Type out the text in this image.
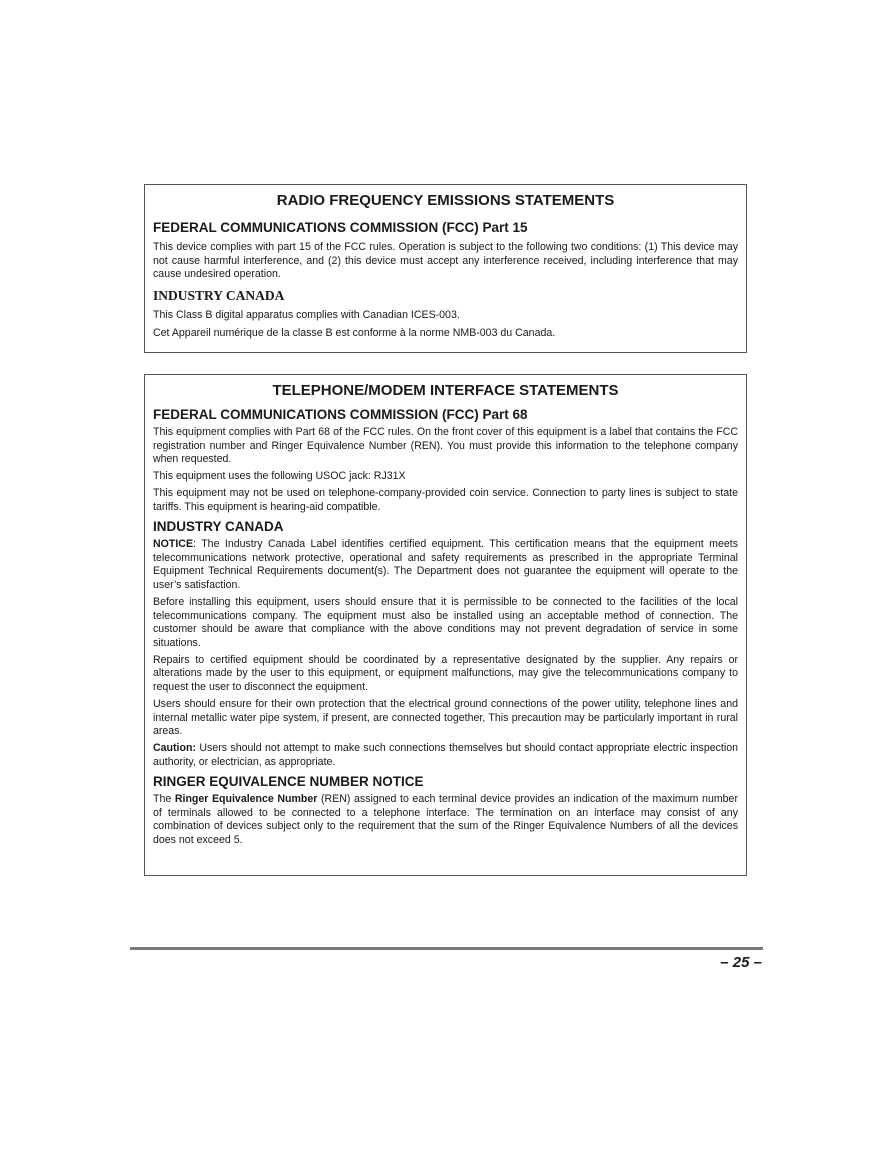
RADIO FREQUENCY EMISSIONS STATEMENTS
FEDERAL COMMUNICATIONS COMMISSION (FCC) Part 15

This device complies with part 15 of the FCC rules. Operation is subject to the following two conditions: (1) This device may not cause harmful interference, and (2) this device must accept any interference received, including interference that may cause undesired operation.

INDUSTRY CANADA

This Class B digital apparatus complies with Canadian ICES-003.

Cet Appareil numérique de la classe B est conforme à la norme NMB-003 du Canada.

TELEPHONE/MODEM INTERFACE STATEMENTS
FEDERAL COMMUNICATIONS COMMISSION (FCC) Part 68

This equipment complies with Part 68 of the FCC rules. On the front cover of this equipment is a label that contains the FCC registration number and Ringer Equivalence Number (REN). You must provide this information to the telephone company when requested.

This equipment uses the following USOC jack: RJ31X

This equipment may not be used on telephone-company-provided coin service. Connection to party lines is subject to state tariffs. This equipment is hearing-aid compatible.

INDUSTRY CANADA

NOTICE: The Industry Canada Label identifies certified equipment. This certification means that the equipment meets telecommunications network protective, operational and safety requirements as prescribed in the appropriate Terminal Equipment Technical Requirements document(s). The Department does not guarantee the equipment will operate to the user’s satisfaction.

Before installing this equipment, users should ensure that it is permissible to be connected to the facilities of the local telecommunications company. The equipment must also be installed using an acceptable method of connection. The customer should be aware that compliance with the above conditions may not prevent degradation of service in some situations.

Repairs to certified equipment should be coordinated by a representative designated by the supplier. Any repairs or alterations made by the user to this equipment, or equipment malfunctions, may give the telecommunications company to request the user to disconnect the equipment.

Users should ensure for their own protection that the electrical ground connections of the power utility, telephone lines and internal metallic water pipe system, if present, are connected together, This precaution may be particularly important in rural areas.

Caution: Users should not attempt to make such connections themselves but should contact appropriate electric inspection authority, or electrician, as appropriate.

RINGER EQUIVALENCE NUMBER NOTICE

The Ringer Equivalence Number (REN) assigned to each terminal device provides an indication of the maximum number of terminals allowed to be connected to a telephone interface. The termination on an interface may consist of any combination of devices subject only to the requirement that the sum of the Ringer Equivalence Numbers of all the devices does not exceed 5.

– 25 –
